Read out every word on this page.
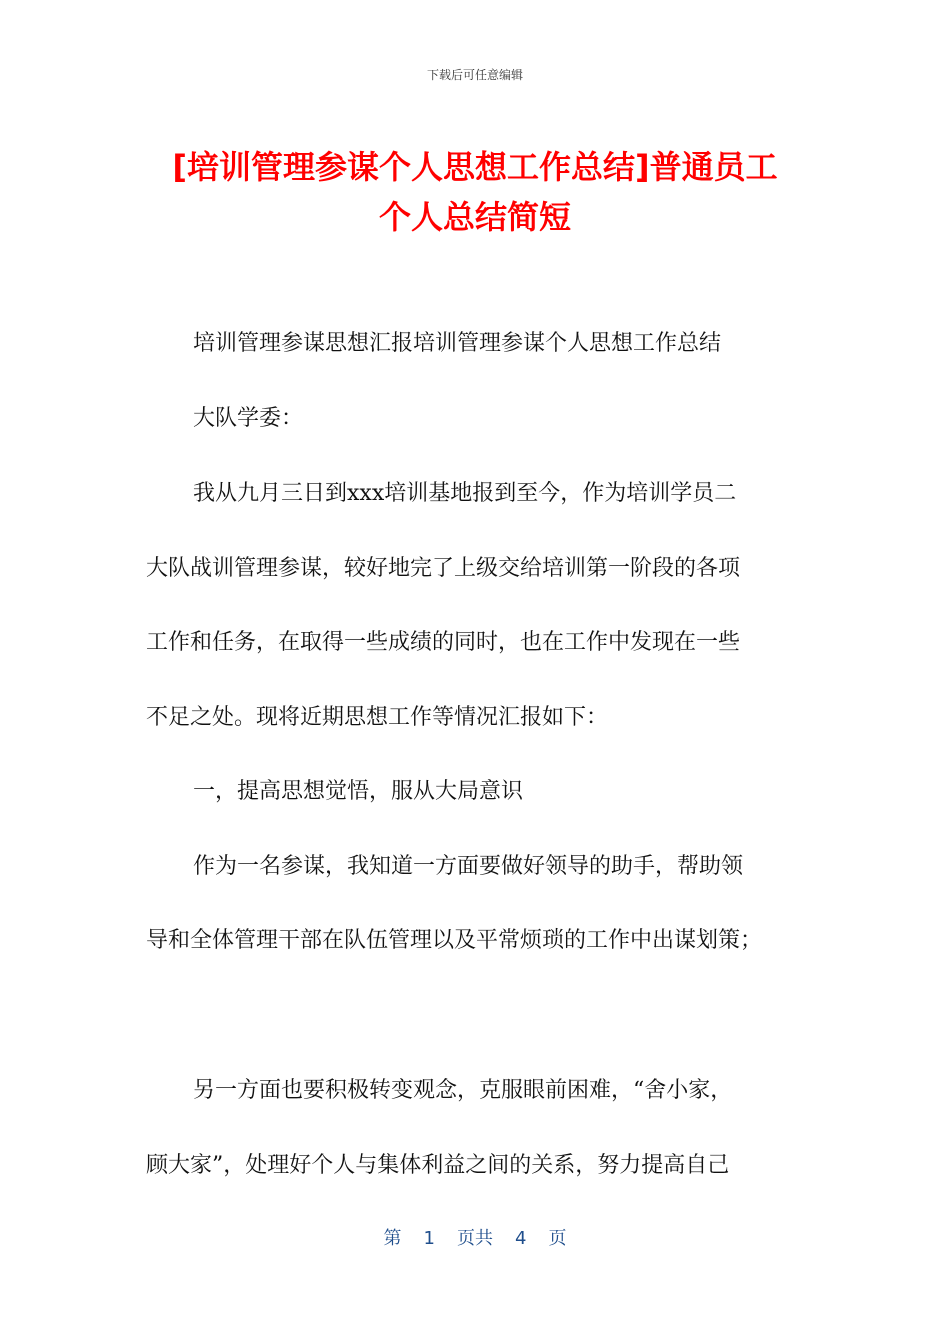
下载后可任意编辑
[培训管理参谋个人思想工作总结]普通员工
个人总结简短

培训管理参谋思想汇报培训管理参谋个人思想工作总结

大队学委：

我从九月三日到xxx培训基地报到至今，作为培训学员二

大队战训管理参谋，较好地完了上级交给培训第一阶段的各项

工作和任务，在取得一些成绩的同时，也在工作中发现在一些

不足之处。现将近期思想工作等情况汇报如下：

一，提高思想觉悟，服从大局意识

作为一名参谋，我知道一方面要做好领导的助手，帮助领

导和全体管理干部在队伍管理以及平常烦琐的工作中出谋划策；

另一方面也要积极转变观念，克服眼前困难，“舍小家，

顾大家”，处理好个人与集体利益之间的关系，努力提高自己

第 1 页共 4 页
